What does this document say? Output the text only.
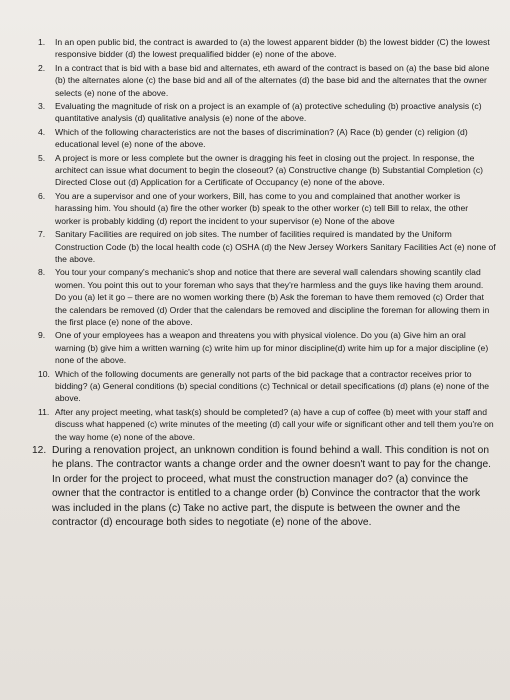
1.	In an open public bid, the contract is awarded to (a) the lowest apparent bidder (b) the lowest bidder (C) the lowest responsive bidder (d) the lowest prequalified bidder (e) none of the above.
2.	In a contract that is bid with a base bid and alternates, eth award of the contract is based on (a) the base bid alone (b) the alternates alone (c) the base bid and all of the alternates (d) the base bid and the alternates that the owner selects (e) none of the above.
3.	Evaluating the magnitude of risk on a project is an example of (a) protective scheduling (b) proactive analysis (c) quantitative analysis (d) qualitative analysis (e) none of the above.
4.	Which of the following characteristics are not the bases of discrimination? (A) Race (b) gender (c) religion (d) educational level (e) none of the above.
5.	A project is more or less complete but the owner is dragging his feet in closing out the project. In response, the architect can issue what document to begin the closeout? (a) Constructive change (b) Substantial Completion (c) Directed Close out (d) Application for a Certificate of Occupancy (e) none of the above.
6.	You are a supervisor and one of your workers, Bill, has come to you and complained that another worker is harassing him. You should (a) fire the other worker (b) speak to the other worker (c) tell Bill to relax, the other worker is probably kidding (d) report the incident to your supervisor (e) None of the above
7.	Sanitary Facilities are required on job sites. The number of facilities required is mandated by the Uniform Construction Code (b) the local health code (c) OSHA (d) the New Jersey Workers Sanitary Facilities Act (e) none of the above.
8.	You tour your company's mechanic's shop and notice that there are several wall calendars showing scantily clad women. You point this out to your foreman who says that they're harmless and the guys like having them around. Do you (a) let it go – there are no women working there (b) Ask the foreman to have them removed (c) Order that the calendars be removed (d) Order that the calendars be removed and discipline the foreman for allowing them in the first place (e) none of the above.
9.	One of your employees has a weapon and threatens you with physical violence. Do you (a) Give him an oral warning (b) give him a written warning (c) write him up for minor discipline(d) write him up for a major discipline (e) none of the above.
10. Which of the following documents are generally not parts of the bid package that a contractor receives prior to bidding? (a) General conditions (b) special conditions (c) Technical or detail specifications (d) plans (e) none of the above.
11. After any project meeting, what task(s) should be completed? (a) have a cup of coffee (b) meet with your staff and discuss what happened (c) write minutes of the meeting (d) call your wife or significant other and tell them you're on the way home (e) none of the above.
12. During a renovation project, an unknown condition is found behind a wall. This condition is not on he plans. The contractor wants a change order and the owner doesn't want to pay for the change. In order for the project to proceed, what must the construction manager do? (a) convince the owner that the contractor is entitled to a change order (b) Convince the contractor that the work was included in the plans (c) Take no active part, the dispute is between the owner and the contractor (d) encourage both sides to negotiate (e) none of the above.
